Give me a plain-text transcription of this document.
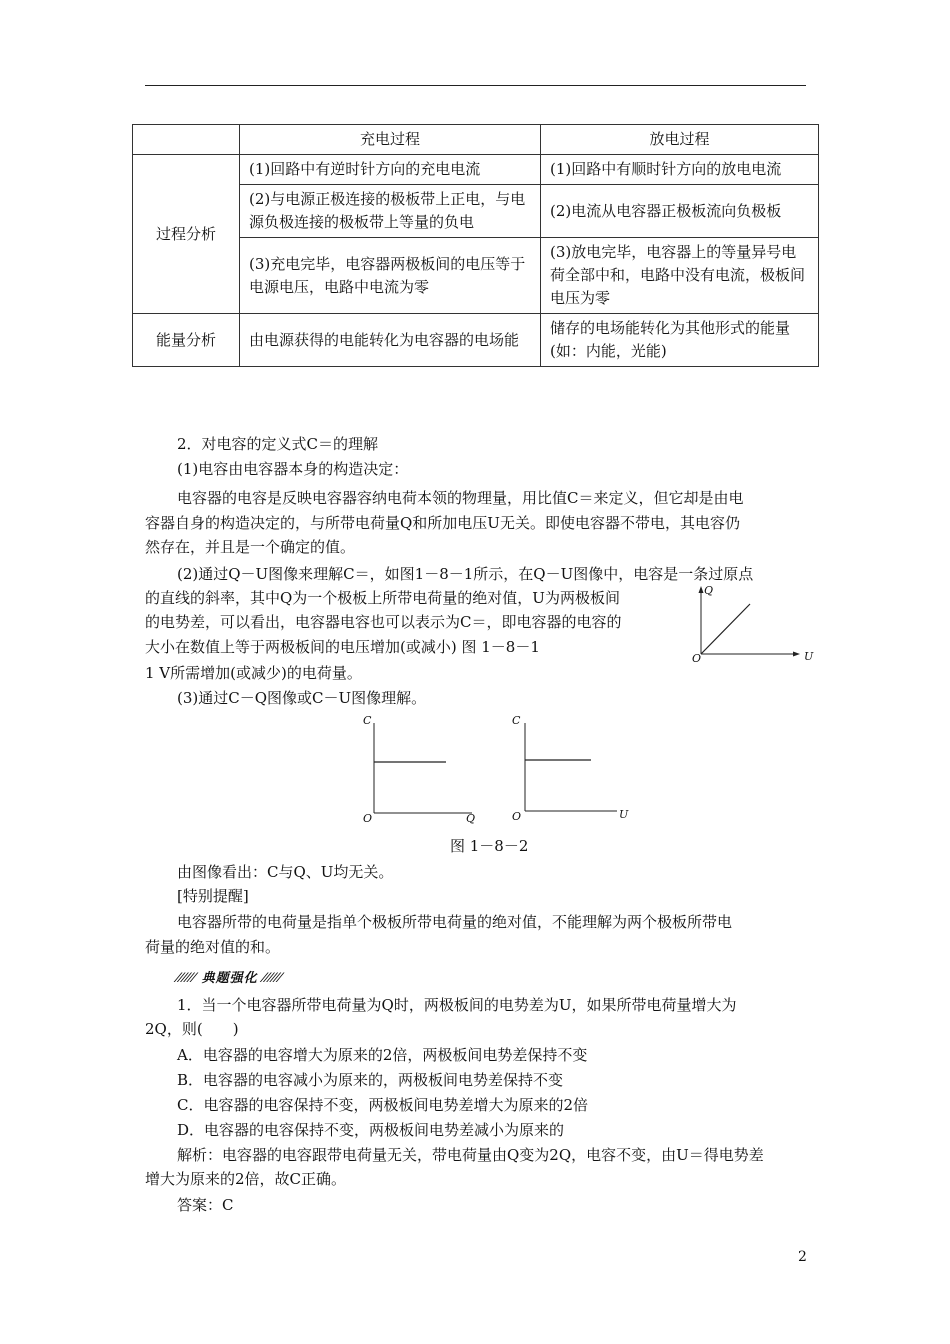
	充电过程	放电过程
过程分析	(1)回路中有逆时针方向的充电电流	(1)回路中有顺时针方向的放电电流
	(2)与电源正极连接的极板带上正电，与电源负极连接的极板带上等量的负电	(2)电流从电容器正极板流向负极板
	(3)充电完毕，电容器两极板间的电压等于电源电压，电路中电流为零	(3)放电完毕，电容器上的等量异号电荷全部中和，电路中没有电流，极板间电压为零
能量分析	由电源获得的电能转化为电容器的电场能	储存的电场能转化为其他形式的能量(如：内能，光能)
2．对电容的定义式C＝的理解
(1)电容由电容器本身的构造决定：
电容器的电容是反映电容器容纳电荷本领的物理量，用比值C＝来定义，但它却是由电
容器自身的构造决定的，与所带电荷量Q和所加电压U无关。即使电容器不带电，其电容仍
然存在，并且是一个确定的值。
(2)通过Q－U图像来理解C＝，如图1－8－1所示，在Q－U图像中，电容是一条过原点
的直线的斜率，其中Q为一个极板上所带电荷量的绝对值，U为两极板间
的电势差，可以看出，电容器电容也可以表示为C＝，即电容器的电容的
大小在数值上等于两极板间的电压增加(或减小) 图 1－8－1
1 V所需增加(或减少)的电荷量。
(3)通过C－Q图像或C－U图像理解。
Q
O	U
C
O	Q
C
O	U
图 1－8－2
由图像看出：C与Q、U均无关。
[特别提醒]
电容器所带的电荷量是指单个极板所带电荷量的绝对值，不能理解为两个极板所带电
荷量的绝对值的和。
⁄⁄⁄⁄⁄⁄ 典题强化 ⁄⁄⁄⁄⁄⁄
1．当一个电容器所带电荷量为Q时，两极板间的电势差为U，如果所带电荷量增大为
2Q，则(　　)
A．电容器的电容增大为原来的2倍，两极板间电势差保持不变
B．电容器的电容减小为原来的，两极板间电势差保持不变
C．电容器的电容保持不变，两极板间电势差增大为原来的2倍
D．电容器的电容保持不变，两极板间电势差减小为原来的
解析：电容器的电容跟带电荷量无关，带电荷量由Q变为2Q，电容不变，由U＝得电势差
增大为原来的2倍，故C正确。
答案：C
2
